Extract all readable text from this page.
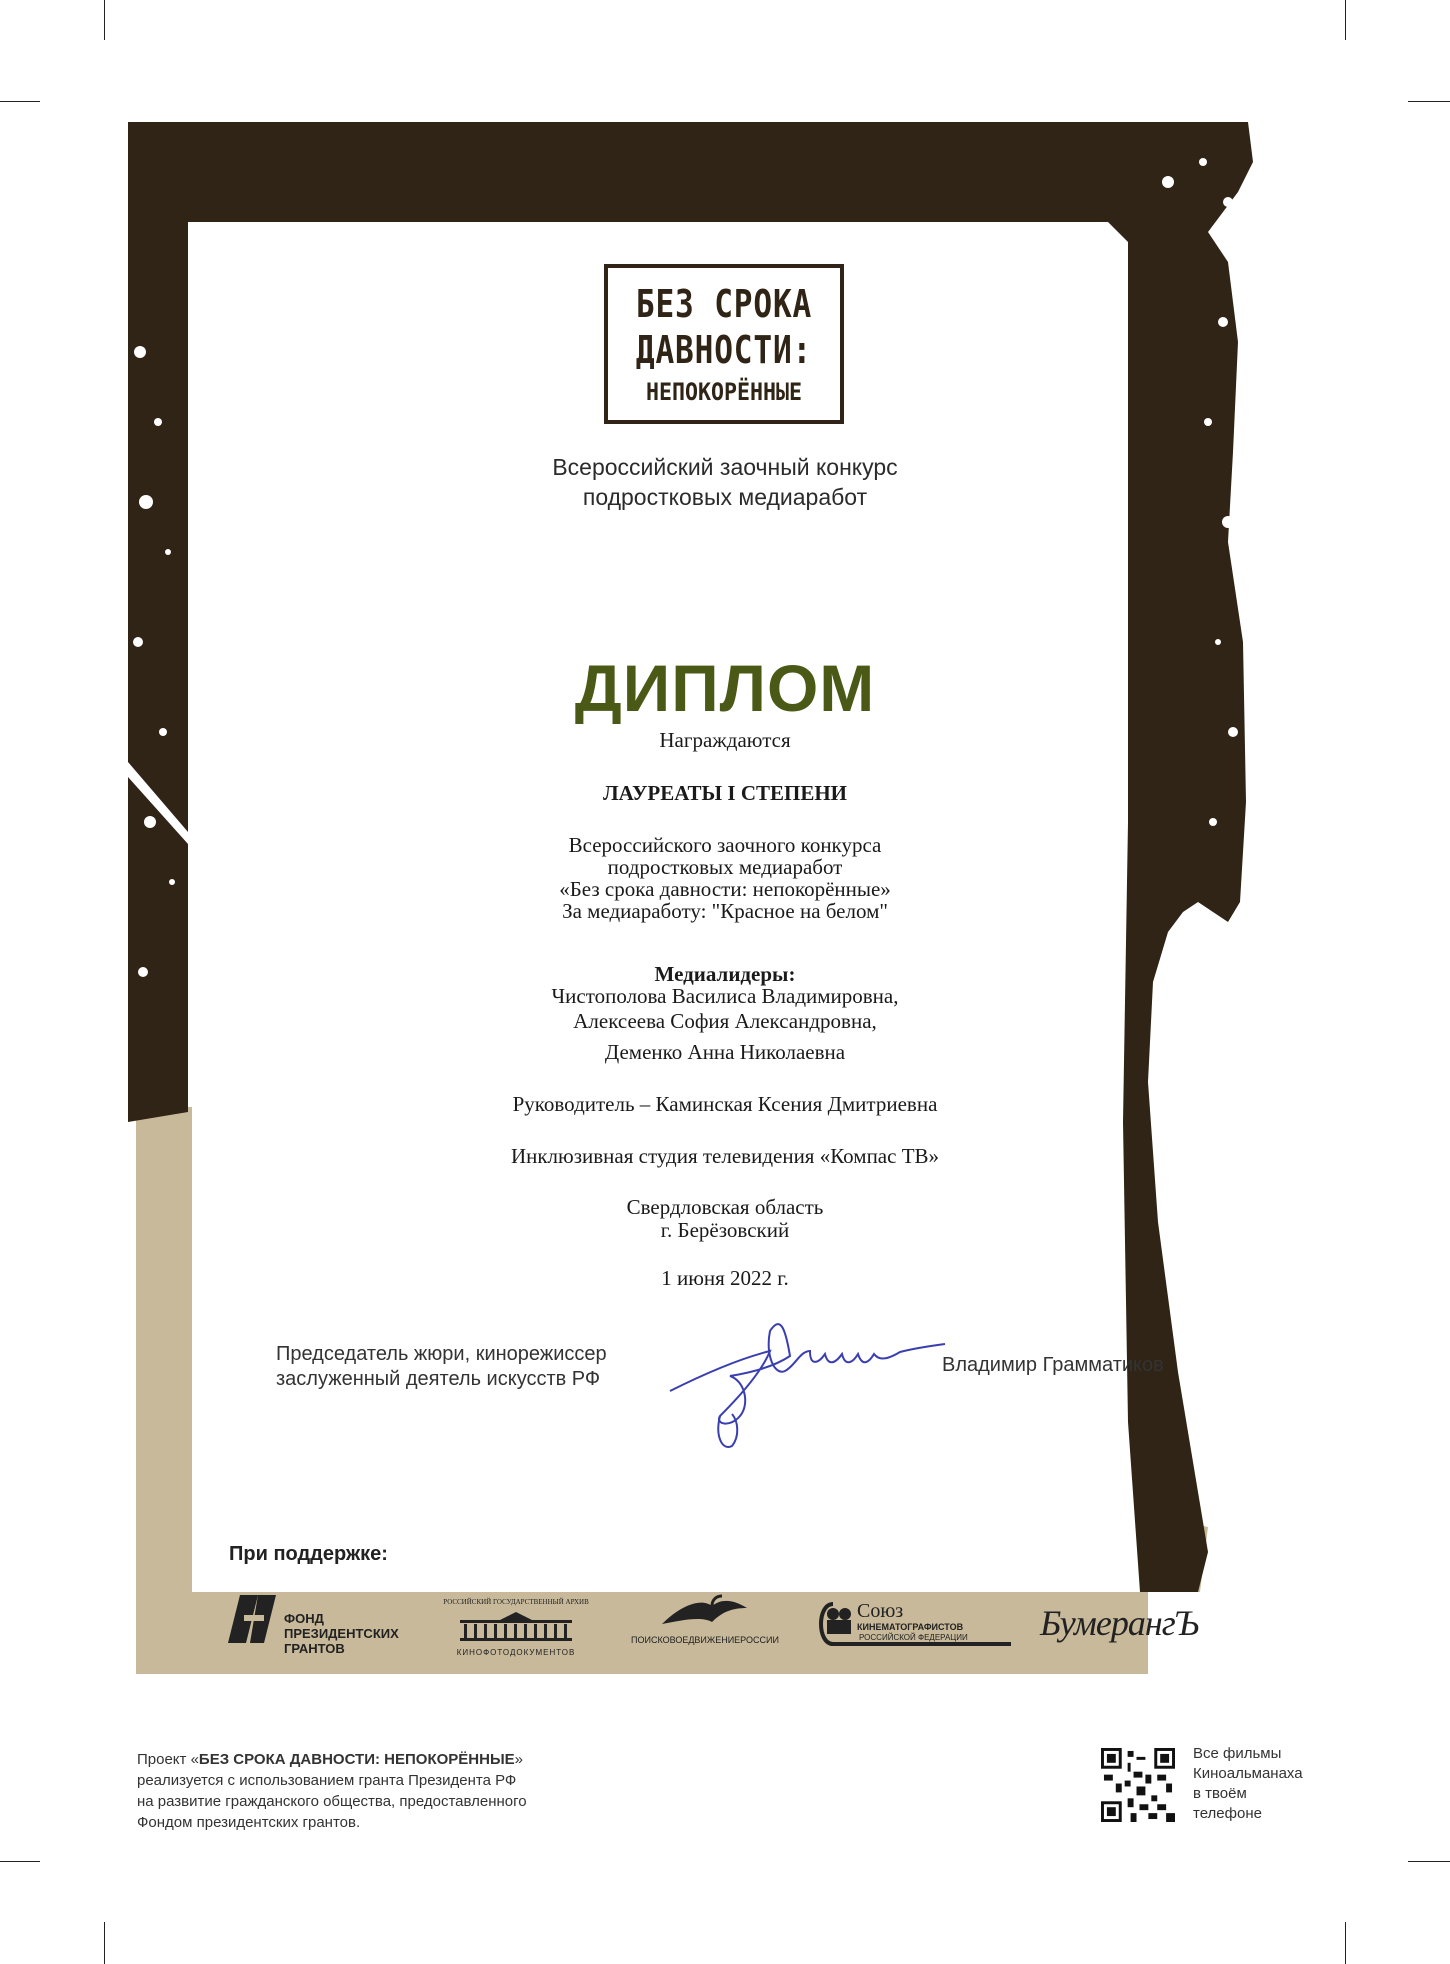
БЕЗ СРОКА
ДАВНОСТИ:
НЕПОКОРЁННЫЕ
Всероссийский заочный конкурс
подростковых медиаработ
ДИПЛОМ
Награждаются
ЛАУРЕАТЫ I СТЕПЕНИ
Всероссийского заочного конкурса
подростковых медиаработ
«Без срока давности: непокорённые»
За медиаработу: "Красное на белом"
Медиалидеры:
Чистополова Василиса Владимировна,
Алексеева София Александровна,
Деменко Анна Николаевна
Руководитель – Каминская Ксения Дмитриевна
Инклюзивная студия телевидения «Компас ТВ»
Свердловская область
г. Берёзовский
1 июня 2022 г.
Председатель жюри, кинорежиссер
заслуженный деятель искусств РФ
Владимир Грамматиков
При поддержке:
ФОНД
ПРЕЗИДЕНТСКИХ
ГРАНТОВ
РОССИЙСКИЙ ГОСУДАРСТВЕННЫЙ АРХИВ
КИНОФОТОДОКУМЕНТОВ
ПОИСКОВОЕДВИЖЕНИЕРОССИИ
Союз
КИНЕМАТОГРАФИСТОВ
РОССИЙСКОЙ ФЕДЕРАЦИИ БумерангЪ
Проект «БЕЗ СРОКА ДАВНОСТИ: НЕПОКОРЁННЫЕ»
реализуется с использованием гранта Президента РФ
на развитие гражданского общества, предоставленного
Фондом президентских грантов.
Все фильмы
Киноальманаха
в твоём
телефоне
